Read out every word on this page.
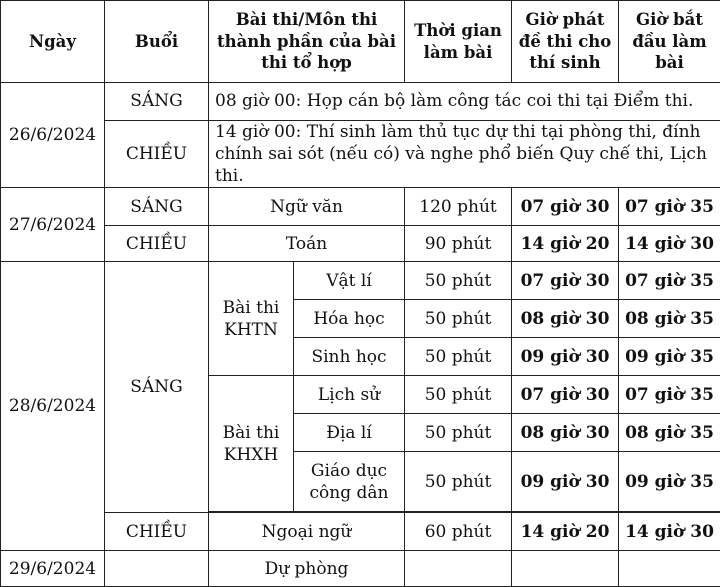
Ngày	Buổi	Bài thi/Môn thi thành phần của bài thi tổ hợp		Thời gian làm bài	Giờ phát đề thi cho thí sinh	Giờ bắt đầu làm bài
26/6/2024	SÁNG	08 giờ 00: Họp cán bộ làm công tác coi thi tại Điểm thi.				
	CHIỀU	14 giờ 00: Thí sinh làm thủ tục dự thi tại phòng thi, đính chính sai sót (nếu có) và nghe phổ biến Quy chế thi, Lịch thi.				
27/6/2024	SÁNG	Ngữ văn		120 phút	07 giờ 30	07 giờ 35
	CHIỀU	Toán		90 phút	14 giờ 20	14 giờ 30
28/6/2024	SÁNG	Bài thi KHTN	Vật lí	50 phút	07 giờ 30	07 giờ 35
			Hóa học	50 phút	08 giờ 30	08 giờ 35
			Sinh học	50 phút	09 giờ 30	09 giờ 35
		Bài thi KHXH	Lịch sử	50 phút	07 giờ 30	07 giờ 35
			Địa lí	50 phút	08 giờ 30	08 giờ 35
			Giáo dục công dân	50 phút	09 giờ 30	09 giờ 35

	CHIỀU	Ngoại ngữ		60 phút	14 giờ 20	14 giờ 30
29/6/2024		Dự phòng				
